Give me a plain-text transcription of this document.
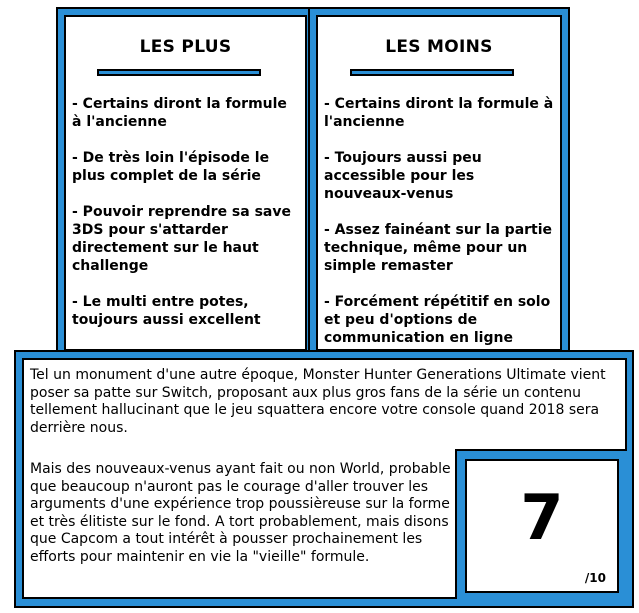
LES PLUS
- Certains diront la formule à l'ancienne
- De très loin l'épisode le plus complet de la série
- Pouvoir reprendre sa save 3DS pour s'attarder directement sur le haut challenge
- Le multi entre potes, toujours aussi excellent
LES MOINS
- Certains diront la formule à l'ancienne
- Toujours aussi peu accessible pour les nouveaux-venus
- Assez fainéant sur la partie technique, même pour un simple remaster
- Forcément répétitif en solo et peu d'options de communication en ligne

Tel un monument d'une autre époque, Monster Hunter Generations Ultimate vient poser sa patte sur Switch, proposant aux plus gros fans de la série un contenu tellement hallucinant que le jeu squattera encore votre console quand 2018 sera derrière nous.

Mais des nouveaux-venus ayant fait ou non World, probable que beaucoup n'auront pas le courage d'aller trouver les arguments d'une expérience trop poussièreuse sur la forme et très élitiste sur le fond. A tort probablement, mais disons que Capcom a tout intérêt à pousser prochainement les efforts pour maintenir en vie la "vieille" formule.

7
/10
